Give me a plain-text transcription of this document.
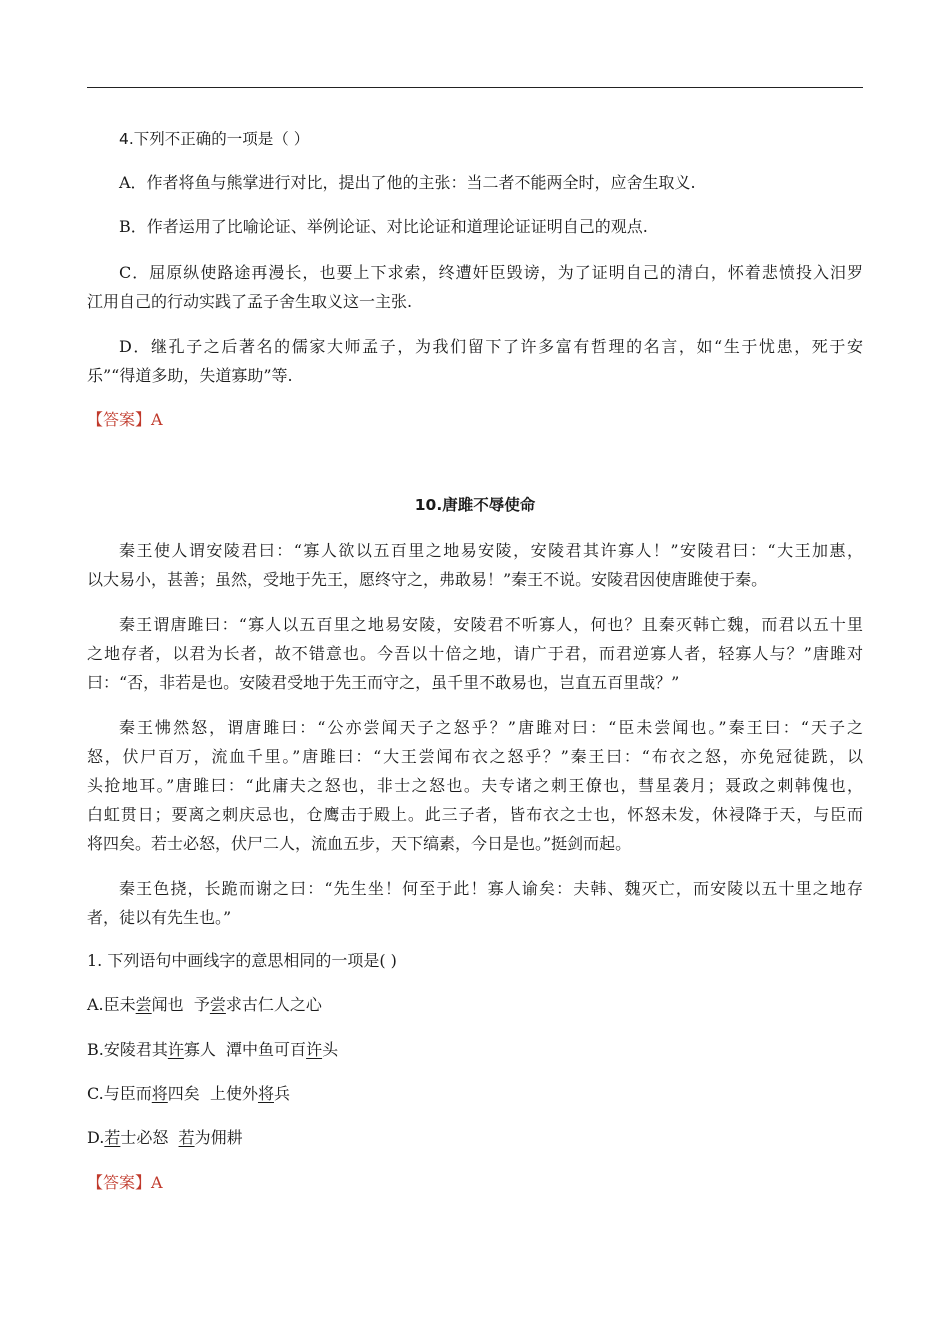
4.下列不正确的一项是（ ）
A．作者将鱼与熊掌进行对比，提出了他的主张：当二者不能两全时，应舍生取义.
B．作者运用了比喻论证、举例论证、对比论证和道理论证证明自己的观点.
C．屈原纵使路途再漫长，也要上下求索，终遭奸臣毁谤，为了证明自己的清白，怀着悲愤投入汨罗
江用自己的行动实践了孟子舍生取义这一主张.
D．继孔子之后著名的儒家大师孟子，为我们留下了许多富有哲理的名言，如“生于忧患，死于安
乐”“得道多助，失道寡助”等.
【答案】A
10.唐雎不辱使命
秦王使人谓安陵君曰：“寡人欲以五百里之地易安陵，安陵君其许寡人！”安陵君曰：“大王加惠，
以大易小，甚善；虽然，受地于先王，愿终守之，弗敢易！”秦王不说。安陵君因使唐雎使于秦。
秦王谓唐雎曰：“寡人以五百里之地易安陵，安陵君不听寡人，何也？且秦灭韩亡魏，而君以五十里
之地存者，以君为长者，故不错意也。今吾以十倍之地，请广于君，而君逆寡人者，轻寡人与？”唐雎对
曰：“否，非若是也。安陵君受地于先王而守之，虽千里不敢易也，岂直五百里哉？”
秦王怫然怒，谓唐雎曰：“公亦尝闻天子之怒乎？”唐雎对曰：“臣未尝闻也。”秦王曰：“天子之
怒，伏尸百万，流血千里。”唐雎曰：“大王尝闻布衣之怒乎？”秦王曰：“布衣之怒，亦免冠徒跣，以
头抢地耳。”唐雎曰：“此庸夫之怒也，非士之怒也。夫专诸之刺王僚也，彗星袭月；聂政之刺韩傀也，
白虹贯日；要离之刺庆忌也，仓鹰击于殿上。此三子者，皆布衣之士也，怀怒未发，休祲降于天，与臣而
将四矣。若士必怒，伏尸二人，流血五步，天下缟素，今日是也。”挺剑而起。
秦王色挠，长跪而谢之曰：“先生坐！何至于此！寡人谕矣：夫韩、魏灭亡，而安陵以五十里之地存
者，徒以有先生也。”
1. 下列语句中画线字的意思相同的一项是( )
A.臣未尝闻也  予尝求古仁人之心
B.安陵君其许寡人  潭中鱼可百许头
C.与臣而将四矣  上使外将兵
D.若士必怒  若为佣耕
【答案】A
